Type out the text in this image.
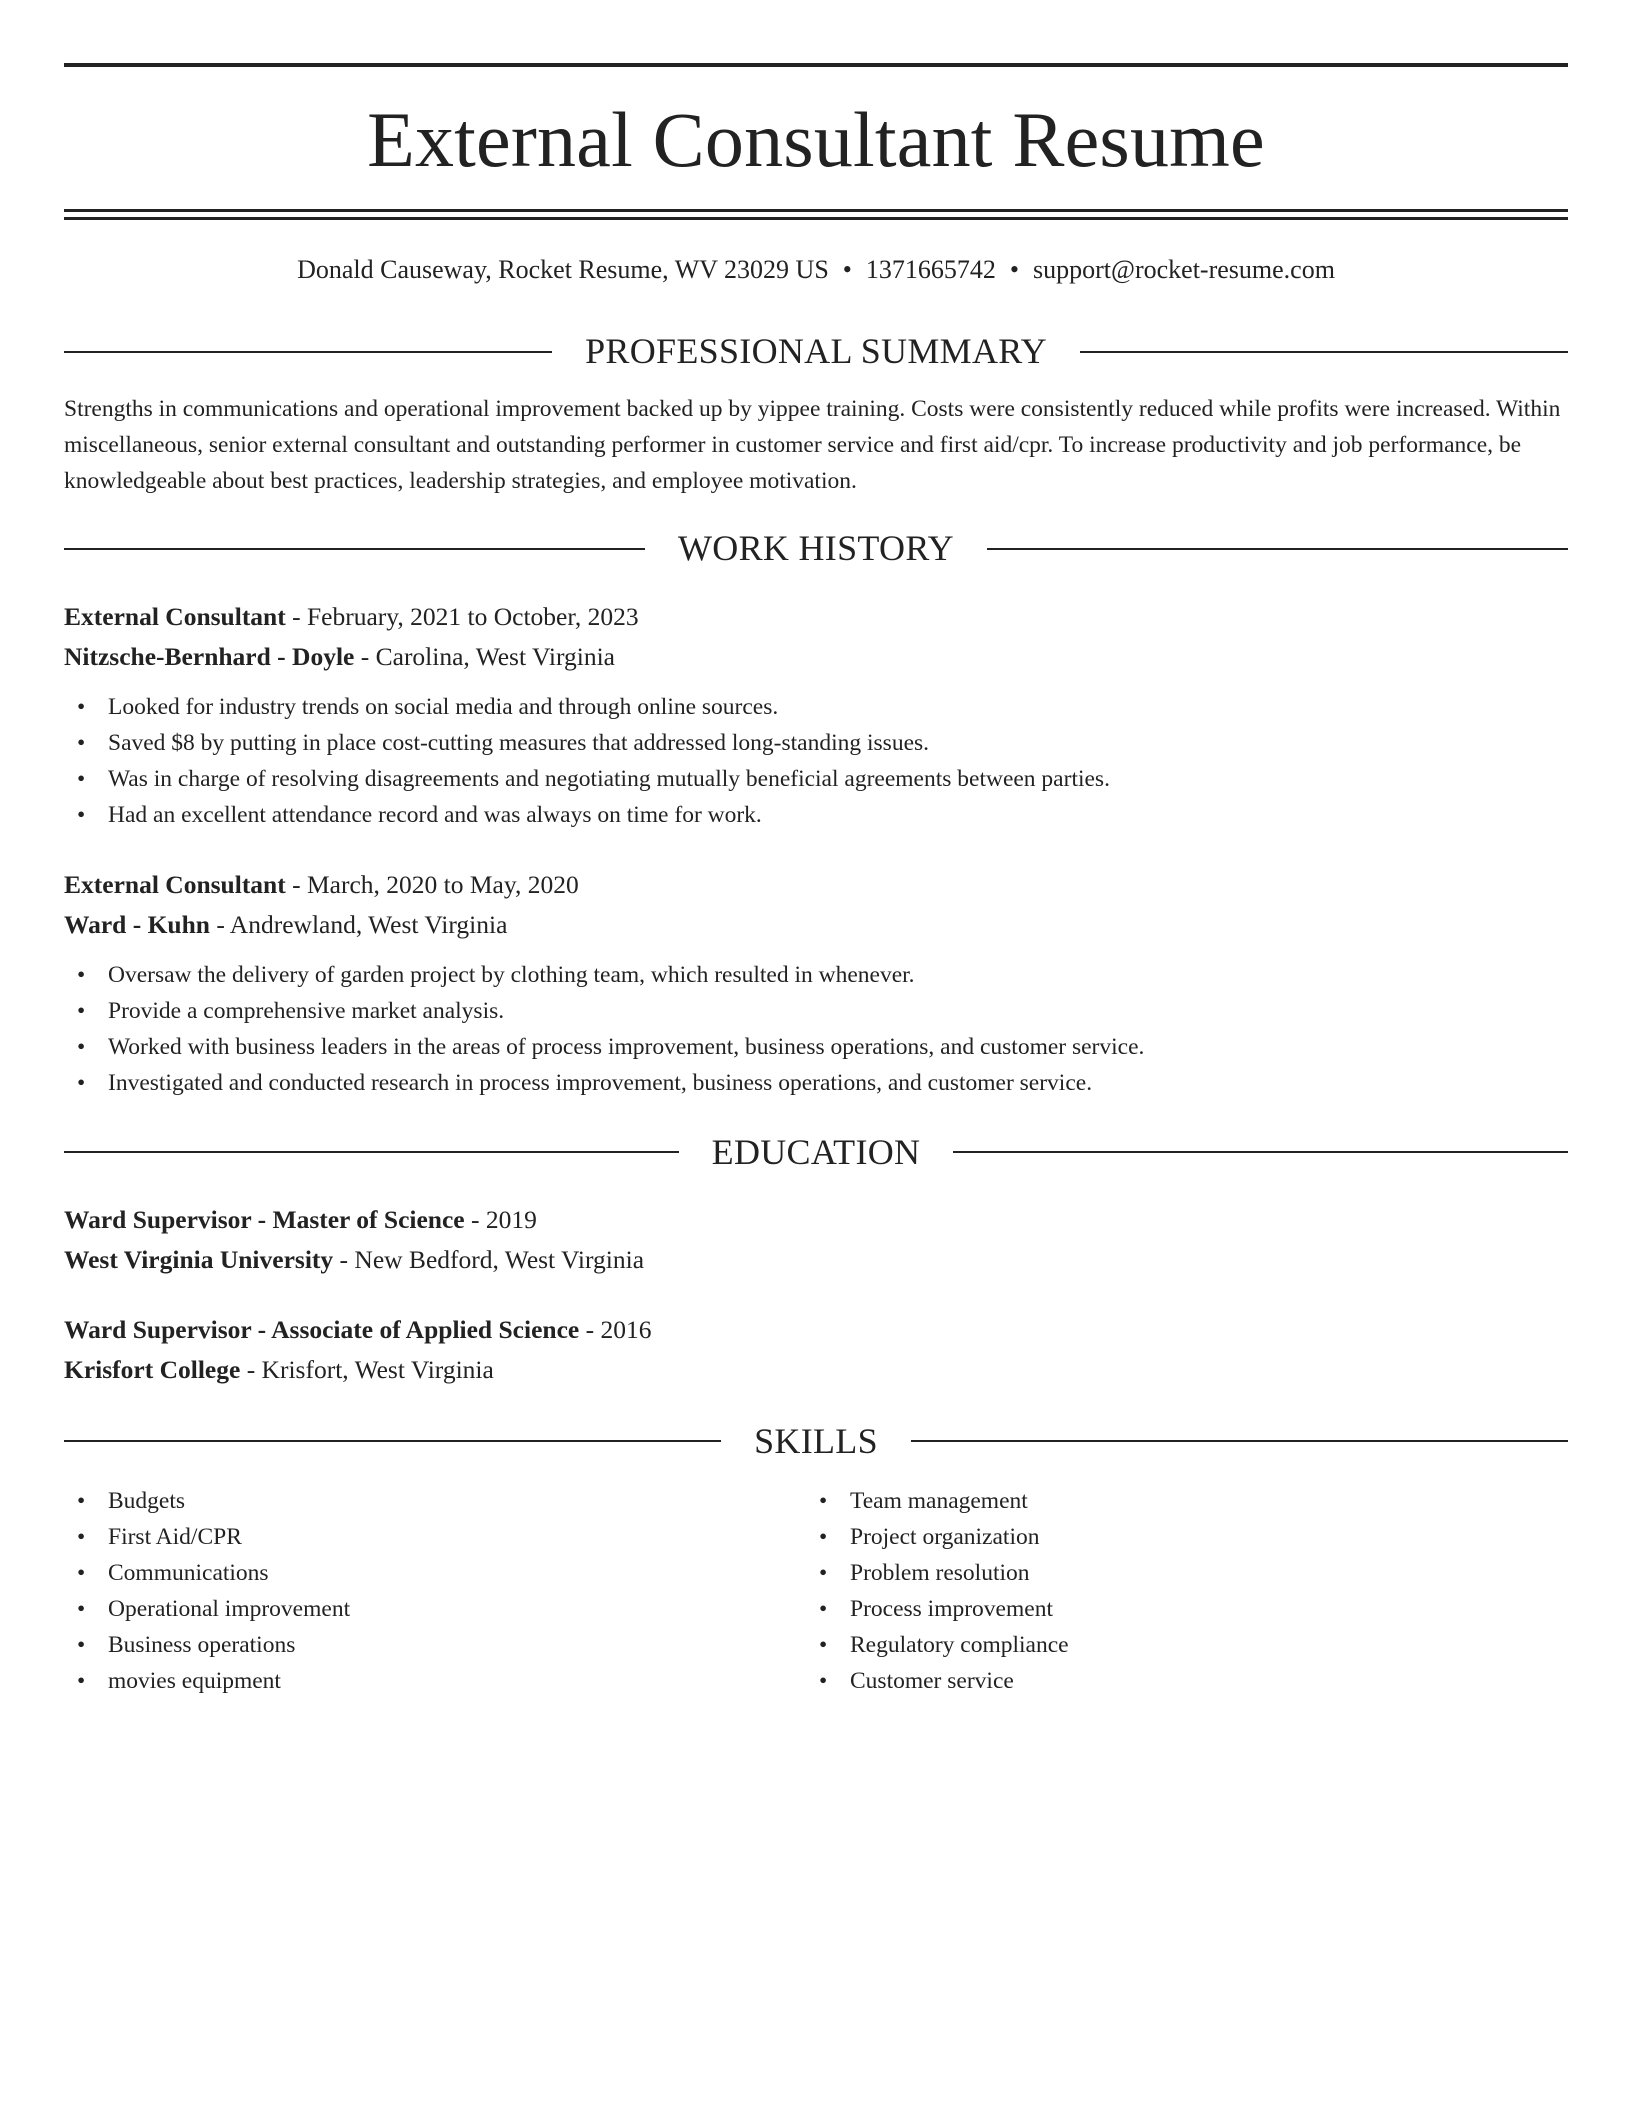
External Consultant Resume
Donald Causeway, Rocket Resume, WV 23029 US • 1371665742 • support@rocket-resume.com
PROFESSIONAL SUMMARY

Strengths in communications and operational improvement backed up by yippee training. Costs were consistently reduced while profits were increased. Within miscellaneous, senior external consultant and outstanding performer in customer service and first aid/cpr. To increase productivity and job performance, be knowledgeable about best practices, leadership strategies, and employee motivation.

WORK HISTORY
External Consultant - February, 2021 to October, 2023
Nitzsche-Bernhard - Doyle - Carolina, West Virginia
• Looked for industry trends on social media and through online sources.
• Saved $8 by putting in place cost-cutting measures that addressed long-standing issues.
• Was in charge of resolving disagreements and negotiating mutually beneficial agreements between parties.
• Had an excellent attendance record and was always on time for work.
External Consultant - March, 2020 to May, 2020
Ward - Kuhn - Andrewland, West Virginia
• Oversaw the delivery of garden project by clothing team, which resulted in whenever.
• Provide a comprehensive market analysis.
• Worked with business leaders in the areas of process improvement, business operations, and customer service.
• Investigated and conducted research in process improvement, business operations, and customer service.
EDUCATION
Ward Supervisor - Master of Science - 2019
West Virginia University - New Bedford, West Virginia
Ward Supervisor - Associate of Applied Science - 2016
Krisfort College - Krisfort, West Virginia
SKILLS
• Budgets
• First Aid/CPR
• Communications
• Operational improvement
• Business operations
• movies equipment
• Team management
• Project organization
• Problem resolution
• Process improvement
• Regulatory compliance
• Customer service
